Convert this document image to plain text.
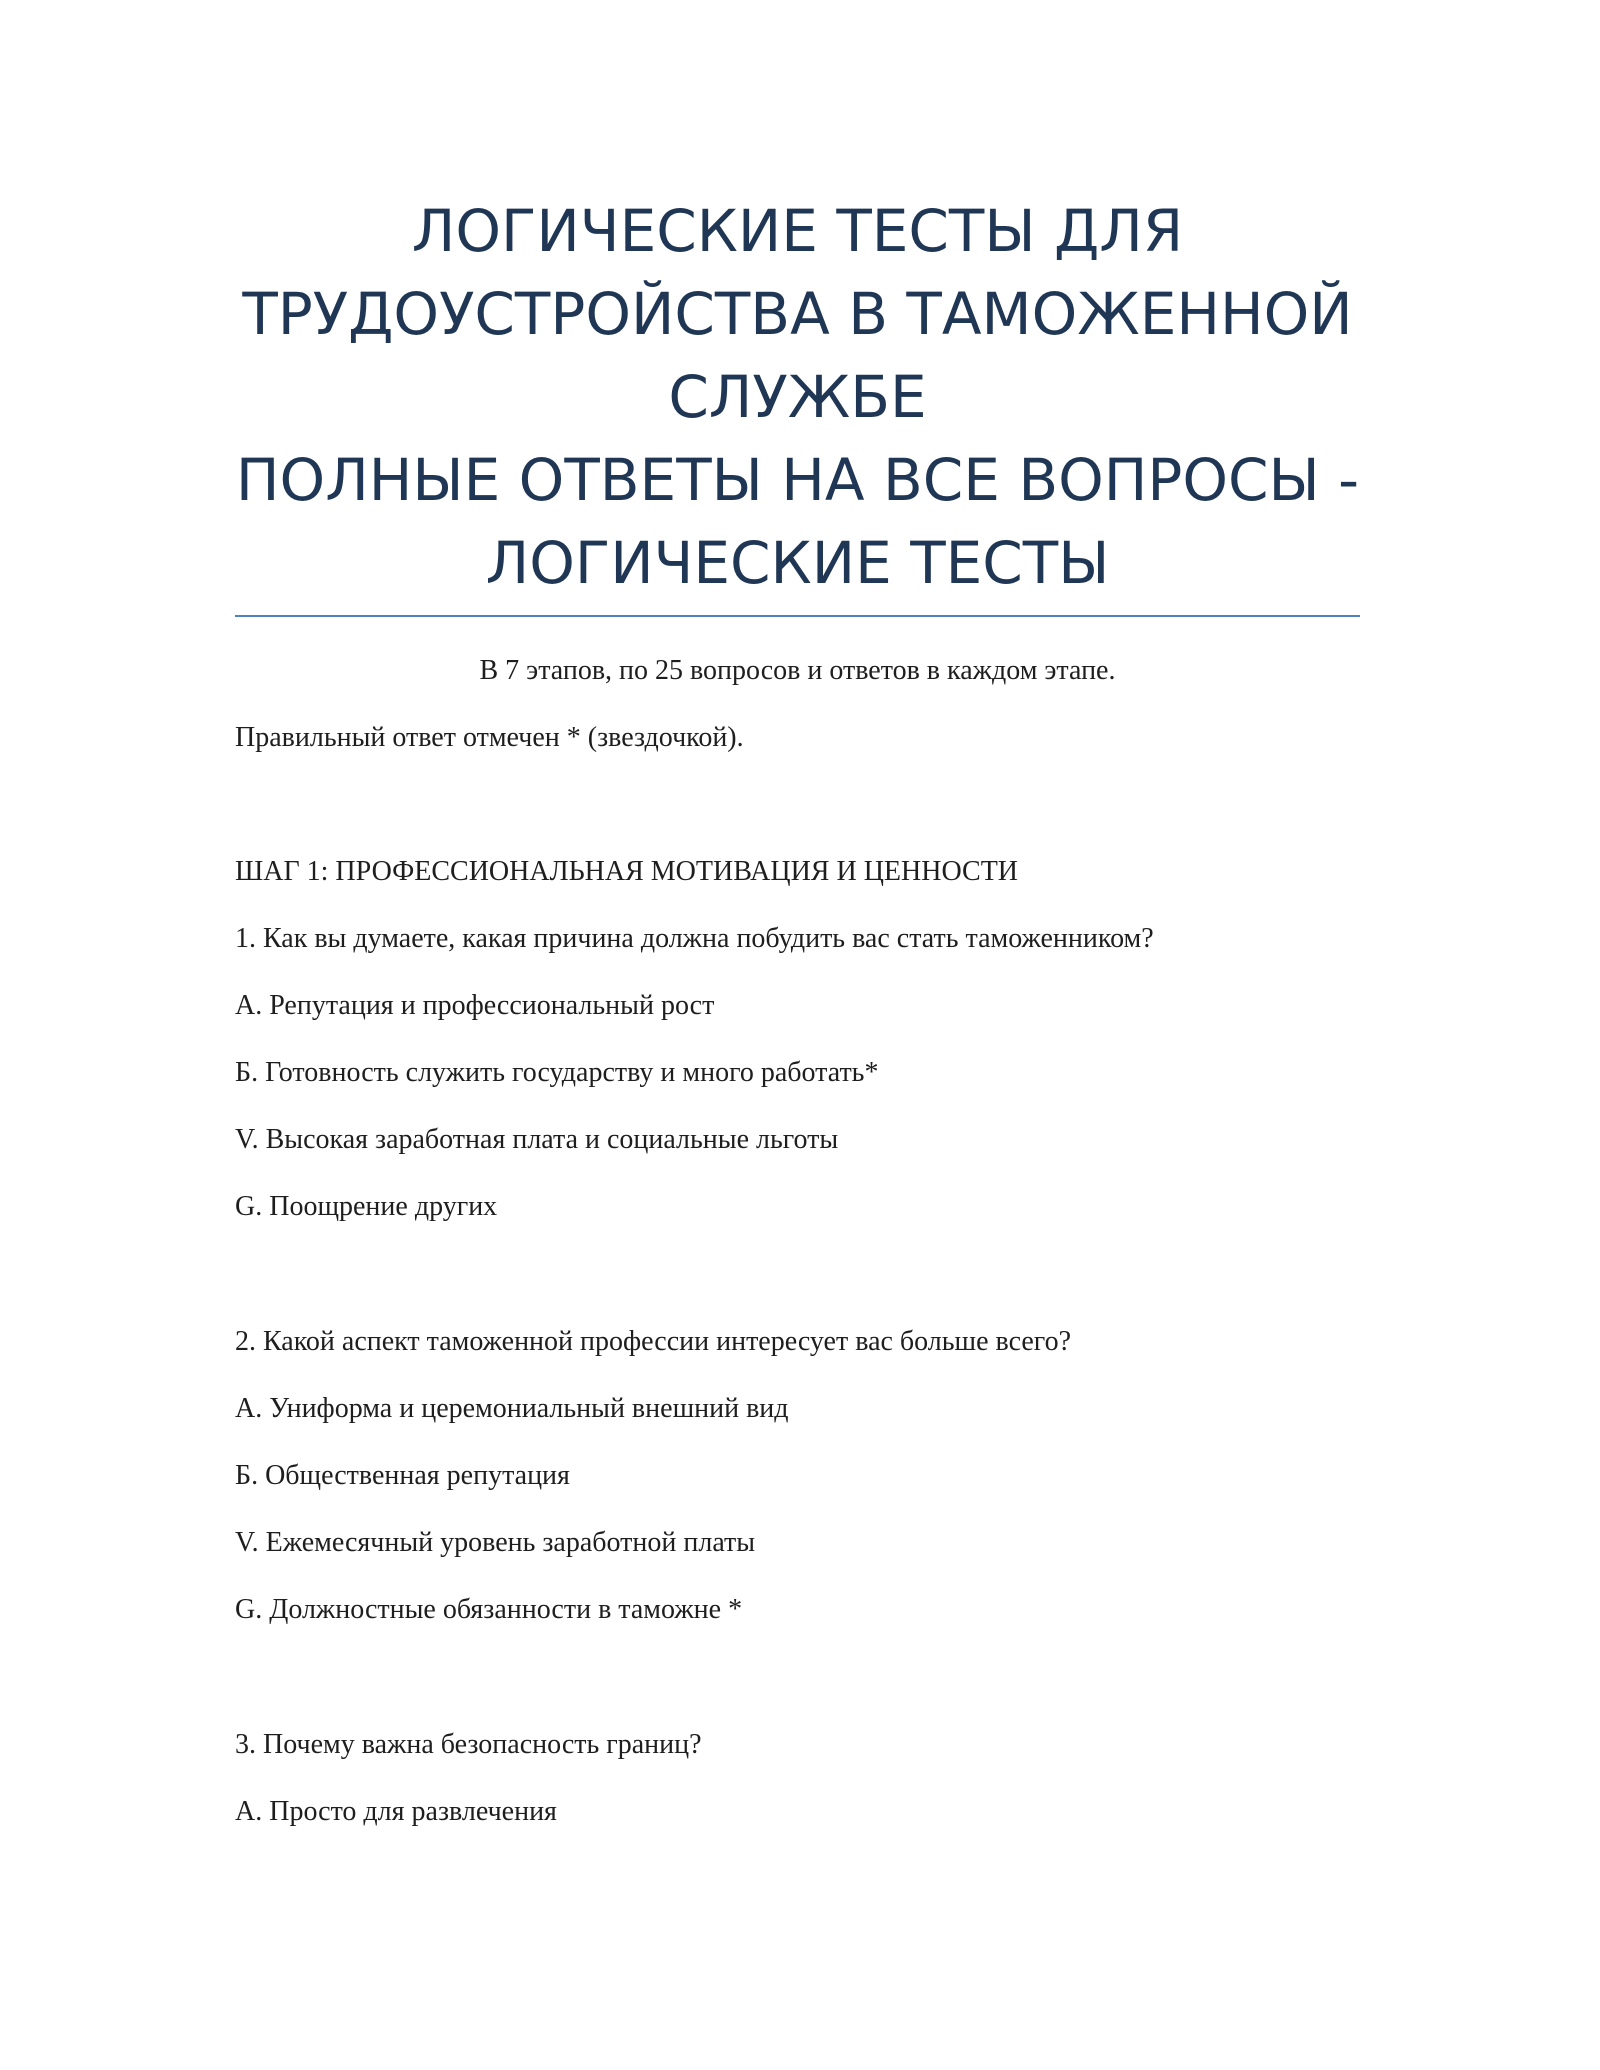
ЛОГИЧЕСКИЕ ТЕСТЫ ДЛЯ
ТРУДОУСТРОЙСТВА В ТАМОЖЕННОЙ
СЛУЖБЕ
ПОЛНЫЕ ОТВЕТЫ НА ВСЕ ВОПРОСЫ -
ЛОГИЧЕСКИЕ ТЕСТЫ

В 7 этапов, по 25 вопросов и ответов в каждом этапе.

Правильный ответ отмечен * (звездочкой).

ШАГ 1: ПРОФЕССИОНАЛЬНАЯ МОТИВАЦИЯ И ЦЕННОСТИ

1. Как вы думаете, какая причина должна побудить вас стать таможенником?

А. Репутация и профессиональный рост

Б. Готовность служить государству и много работать*

V. Высокая заработная плата и социальные льготы

G. Поощрение других

2. Какой аспект таможенной профессии интересует вас больше всего?

А. Униформа и церемониальный внешний вид

Б. Общественная репутация

V. Ежемесячный уровень заработной платы

G. Должностные обязанности в таможне *

3. Почему важна безопасность границ?

А. Просто для развлечения
